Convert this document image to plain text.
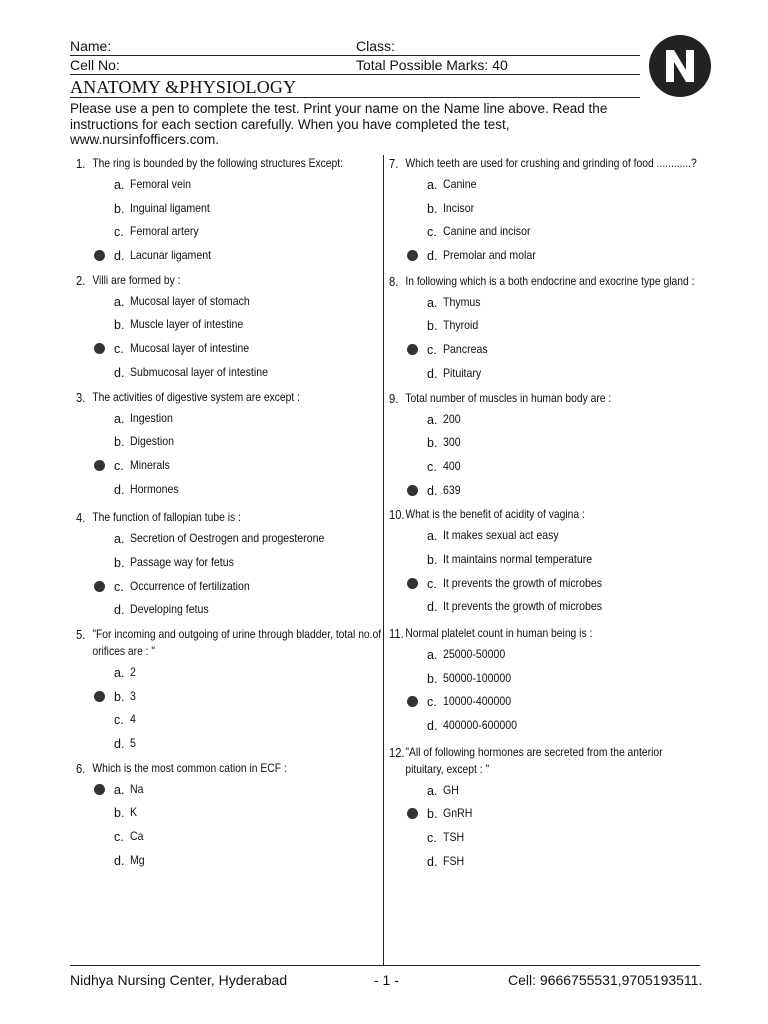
Name:	Class:
Cell No:	Total Possible Marks: 40
ANATOMY &PHYSIOLOGY
Please use a pen to complete the test. Print your name on the Name line above. Read the instructions for each section carefully. When you have completed the test, www.nursinfofficers.com.
1. The ring is bounded by the following structures Except:
a. Femoral vein
b. Inguinal ligament
c. Femoral artery
d. Lacunar ligament
2. Villi are formed by :
a. Mucosal layer of stomach
b. Muscle layer of intestine
c. Mucosal layer of intestine
d. Submucosal layer of intestine
3. The activities of digestive system are except :
a. Ingestion
b. Digestion
c. Minerals
d. Hormones
4. The function of fallopian tube is :
a. Secretion of Oestrogen and progesterone
b. Passage way for fetus
c. Occurrence of fertilization
d. Developing fetus
5. "For incoming and outgoing of urine through bladder, total no.of orifices are : "
a. 2
b. 3
c. 4
d. 5
6. Which is the most common cation in ECF :
a. Na
b. K
c. Ca
d. Mg
7. Which teeth are used for crushing and grinding of food ............?
a. Canine
b. Incisor
c. Canine and incisor
d. Premolar and molar
8. In following which is a both endocrine and exocrine type gland :
a. Thymus
b. Thyroid
c. Pancreas
d. Pituitary
9. Total number of muscles in human body are :
a. 200
b. 300
c. 400
d. 639
10. What is the benefit of acidity of vagina :
a. It makes sexual act easy
b. It maintains normal temperature
c. It prevents the growth of microbes
d. It prevents the growth of microbes
11. Normal platelet count in human being is :
a. 25000-50000
b. 50000-100000
c. 10000-400000
d. 400000-600000
12. "All of following hormones are secreted from the anterior pituitary, except : "
a. GH
b. GnRH
c. TSH
d. FSH
Nidhya Nursing Center, Hyderabad	- 1 -	Cell: 9666755531,9705193511.
